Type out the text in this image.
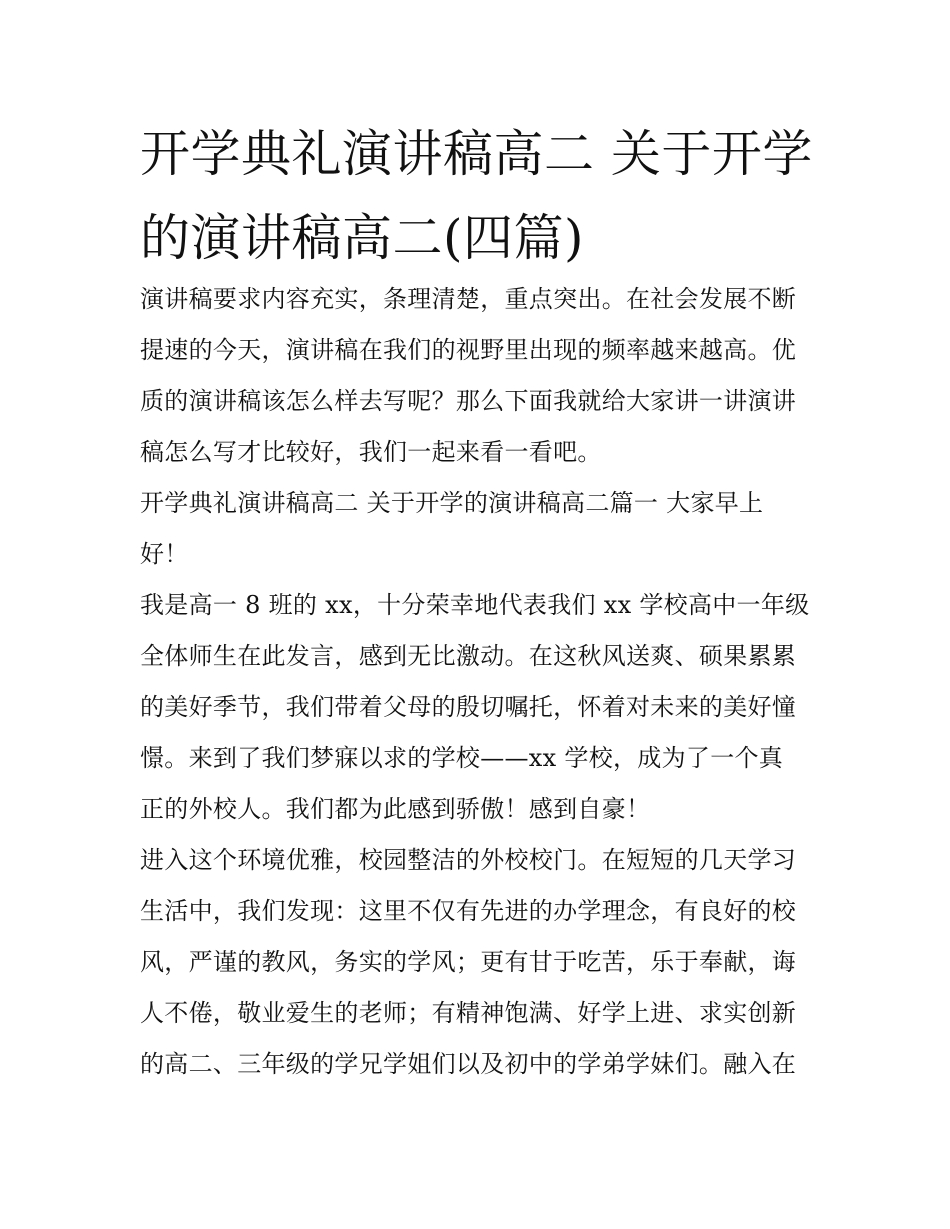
开学典礼演讲稿高二 关于开学的演讲稿高二(四篇)

演讲稿要求内容充实，条理清楚，重点突出。在社会发展不断
提速的今天，演讲稿在我们的视野里出现的频率越来越高。优
质的演讲稿该怎么样去写呢？那么下面我就给大家讲一讲演讲
稿怎么写才比较好，我们一起来看一看吧。

开学典礼演讲稿高二 关于开学的演讲稿高二篇一 大家早上
好！

我是高一 8 班的 xx，十分荣幸地代表我们 xx 学校高中一年级
全体师生在此发言，感到无比激动。在这秋风送爽、硕果累累
的美好季节，我们带着父母的殷切嘱托，怀着对未来的美好憧
憬。来到了我们梦寐以求的学校——xx 学校，成为了一个真
正的外校人。我们都为此感到骄傲！感到自豪！

进入这个环境优雅，校园整洁的外校校门。在短短的几天学习
生活中，我们发现：这里不仅有先进的办学理念，有良好的校
风，严谨的教风，务实的学风；更有甘于吃苦，乐于奉献，诲
人不倦，敬业爱生的老师；有精神饱满、好学上进、求实创新
的高二、三年级的学兄学姐们以及初中的学弟学妹们。融入在
